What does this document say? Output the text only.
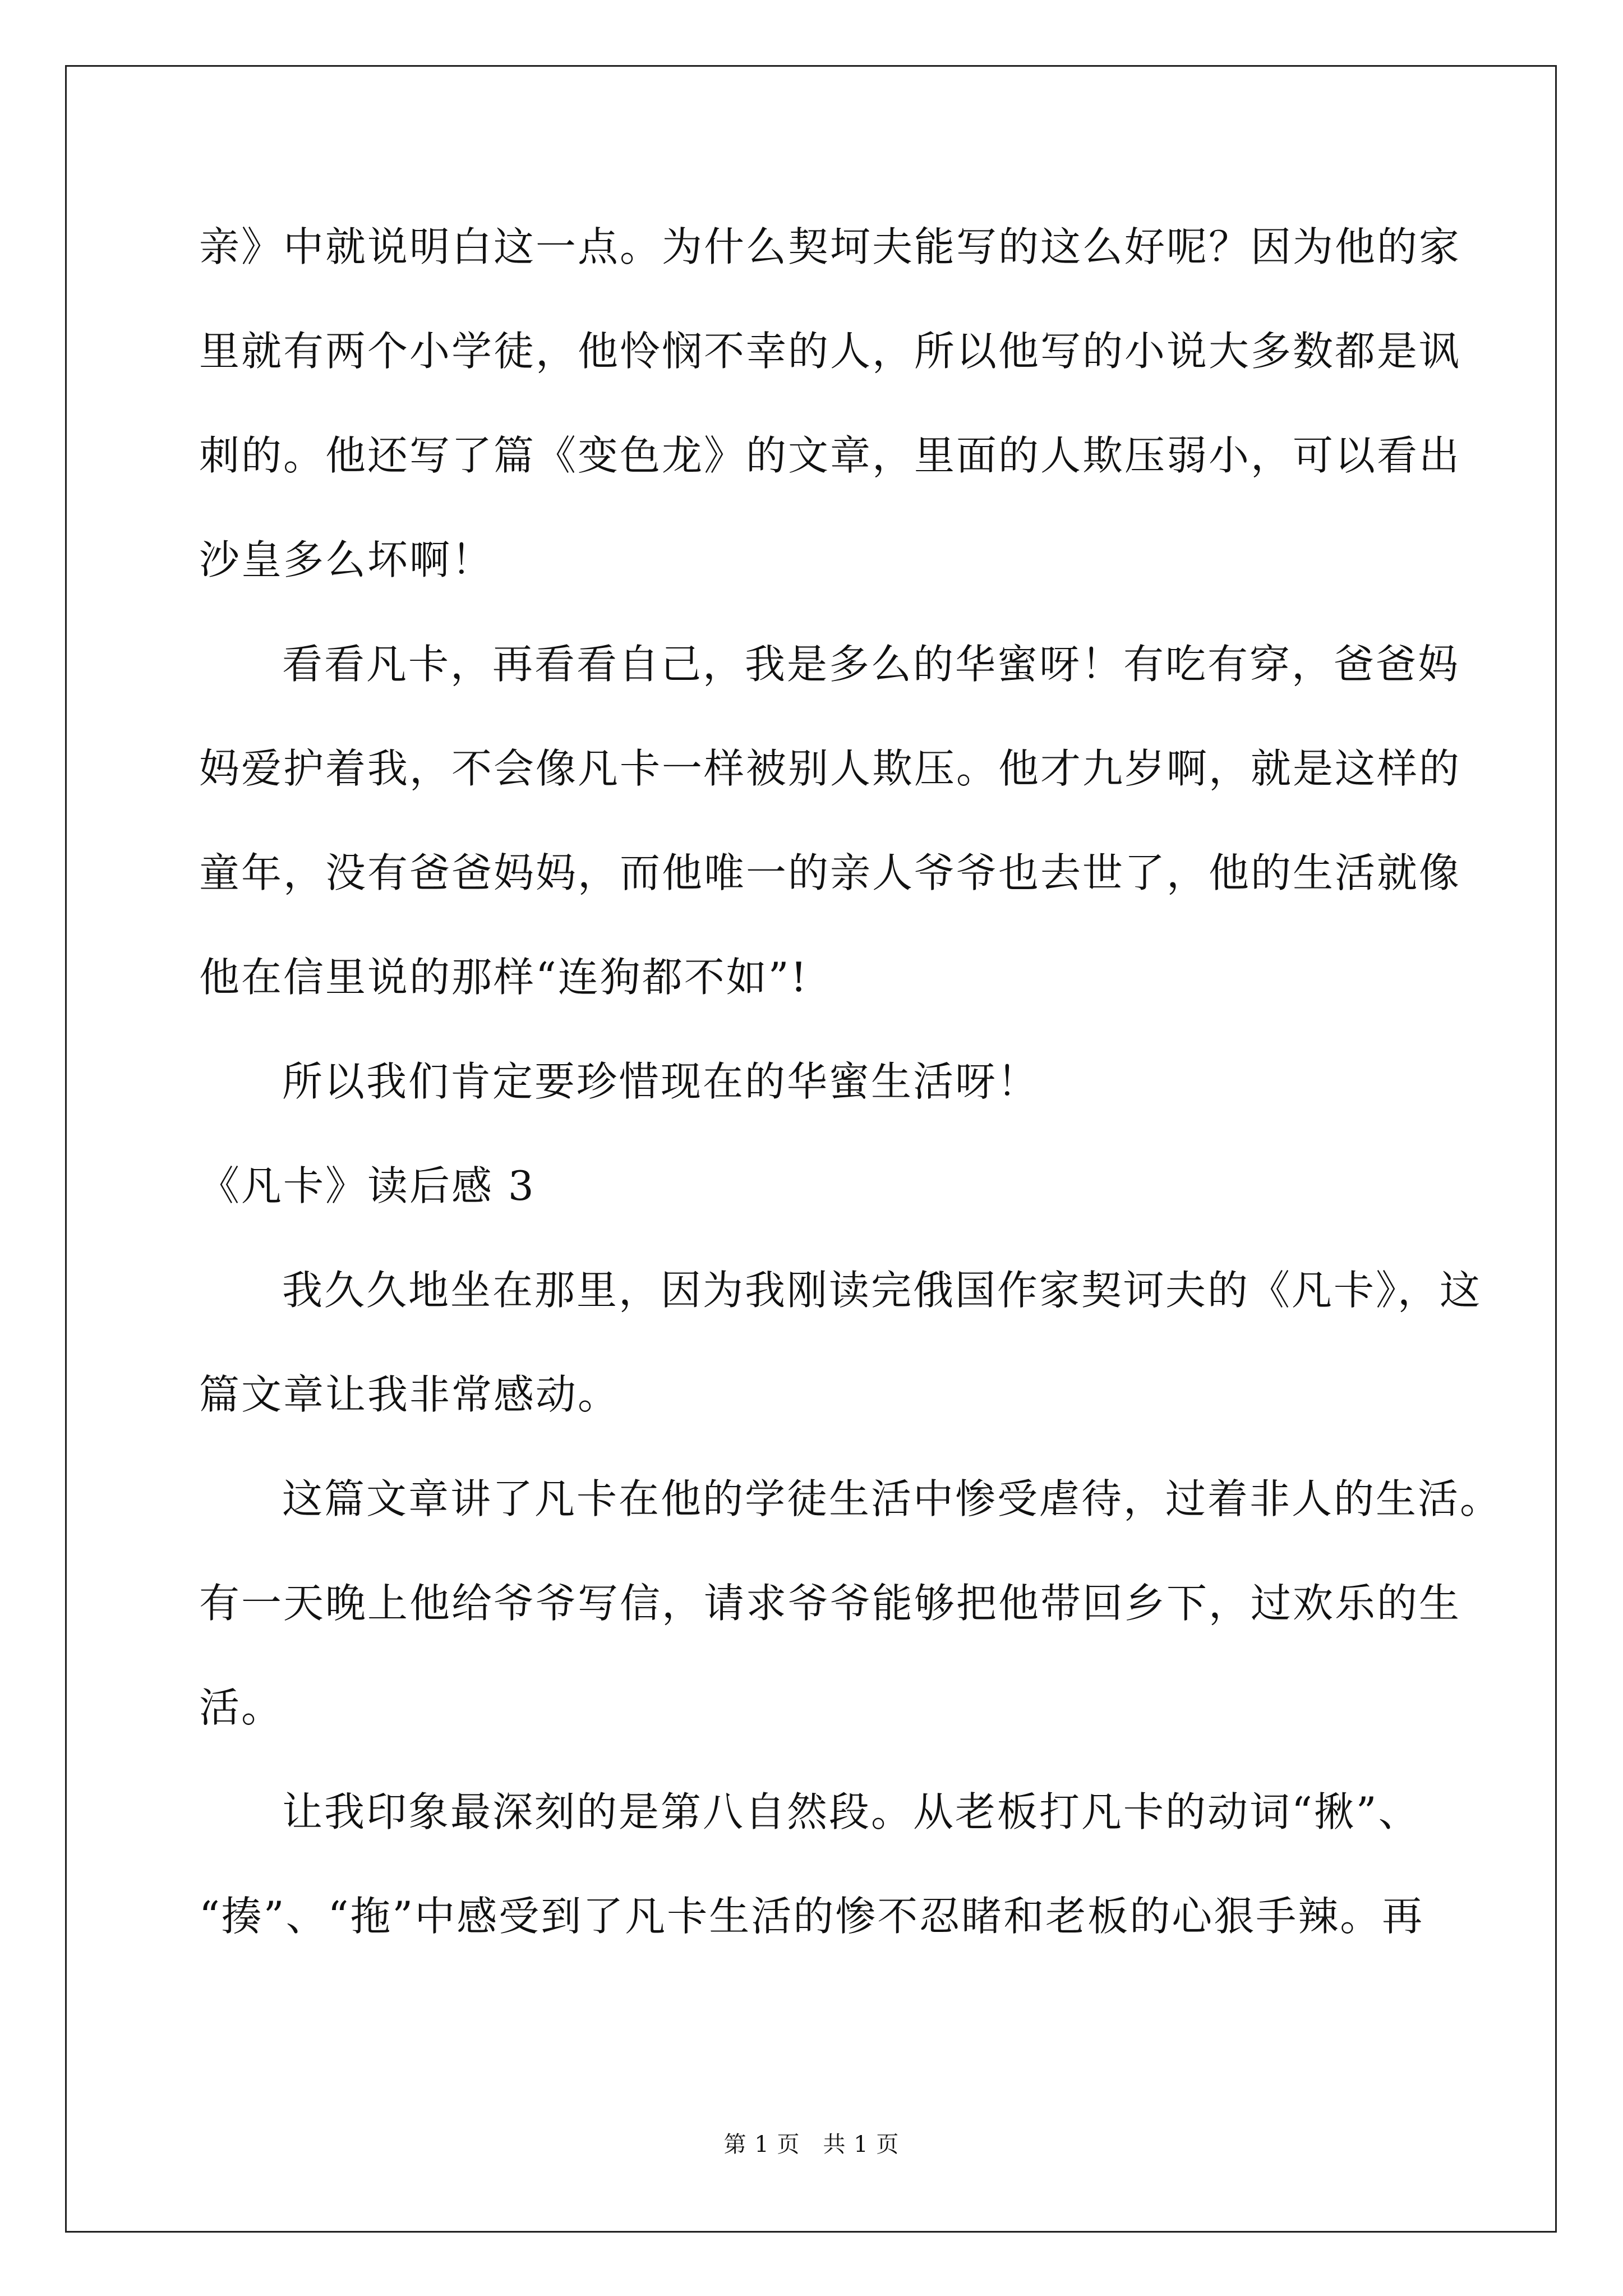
亲》中就说明白这一点。为什么契坷夫能写的这么好呢？因为他的家
里就有两个小学徒，他怜悯不幸的人，所以他写的小说大多数都是讽
刺的。他还写了篇《变色龙》的文章，里面的人欺压弱小，可以看出
沙皇多么坏啊！
看看凡卡，再看看自己，我是多么的华蜜呀！有吃有穿，爸爸妈
妈爱护着我，不会像凡卡一样被别人欺压。他才九岁啊，就是这样的
童年，没有爸爸妈妈，而他唯一的亲人爷爷也去世了，他的生活就像
他在信里说的那样“连狗都不如”!
所以我们肯定要珍惜现在的华蜜生活呀！
《凡卡》读后感 3
我久久地坐在那里，因为我刚读完俄国作家契诃夫的《凡卡》，这
篇文章让我非常感动。
这篇文章讲了凡卡在他的学徒生活中惨受虐待，过着非人的生活。
有一天晚上他给爷爷写信，请求爷爷能够把他带回乡下，过欢乐的生
活。
让我印象最深刻的是第八自然段。从老板打凡卡的动词“揪”、
“揍”、“拖”中感受到了凡卡生活的惨不忍睹和老板的心狠手辣。再
第 1 页　共 1 页
